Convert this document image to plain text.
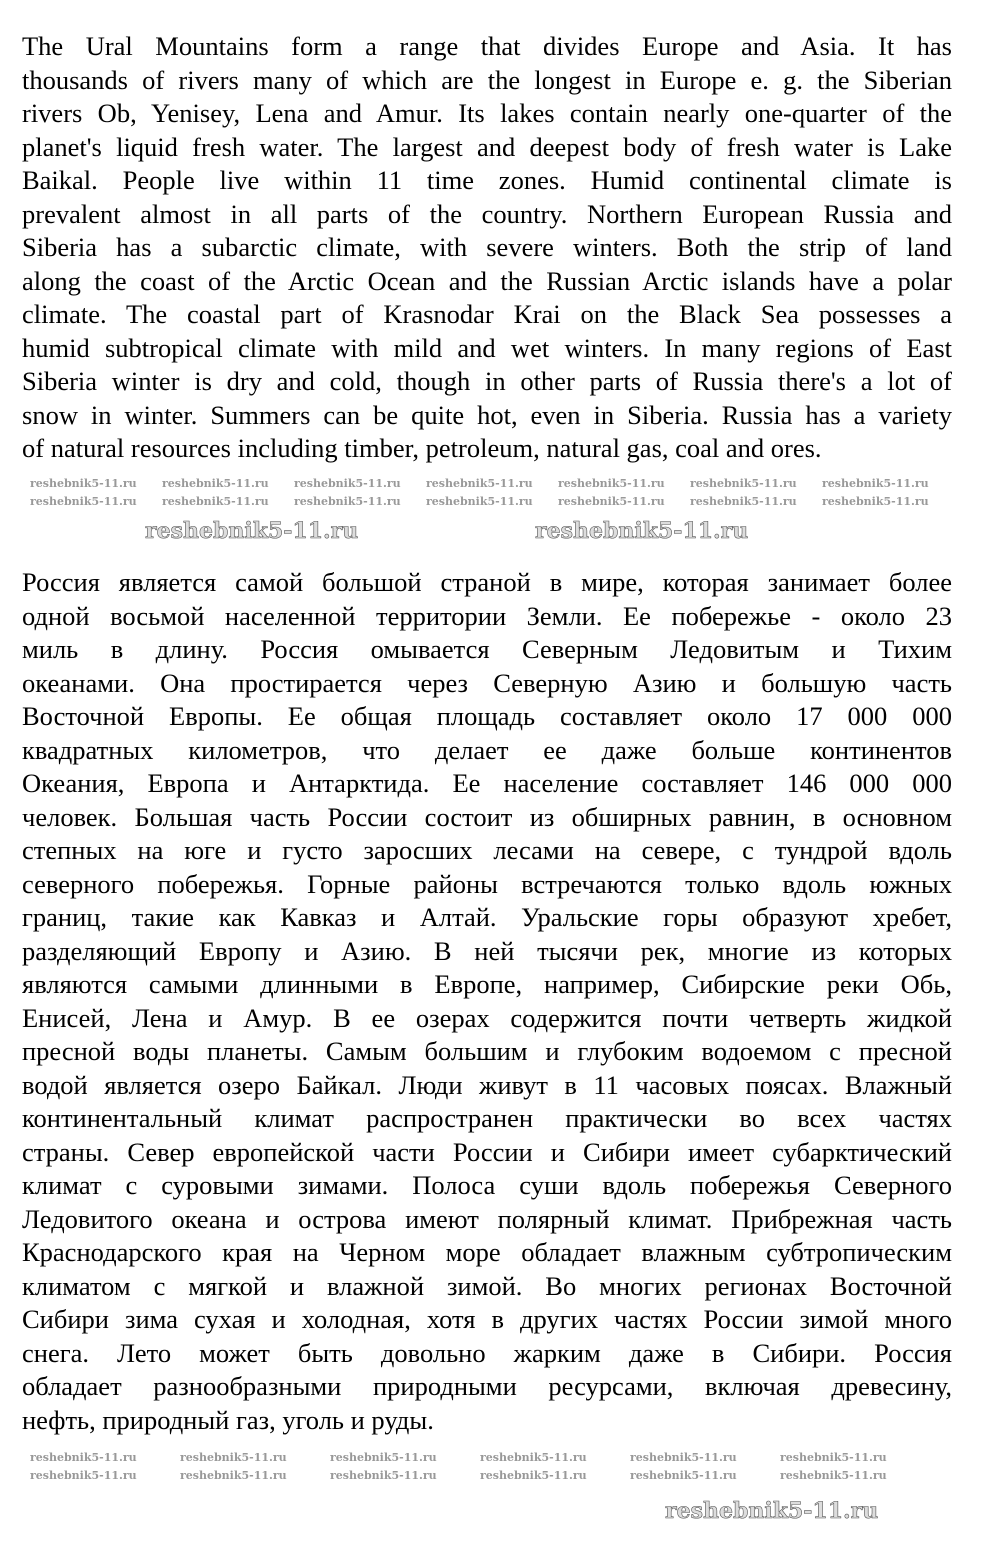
The Ural Mountains form a range that divides Europe and Asia. It has
thousands of rivers many of which are the longest in Europe e. g. the Siberian
rivers Ob, Yenisey, Lena and Amur. Its lakes contain nearly one-quarter of the
planet's liquid fresh water. The largest and deepest body of fresh water is Lake
Baikal. People live within 11 time zones. Humid continental climate is
prevalent almost in all parts of the country. Northern European Russia and
Siberia has a subarctic climate, with severe winters. Both the strip of land
along the coast of the Arctic Ocean and the Russian Arctic islands have a polar
climate. The coastal part of Krasnodar Krai on the Black Sea possesses a
humid subtropical climate with mild and wet winters. In many regions of East
Siberia winter is dry and cold, though in other parts of Russia there's a lot of
snow in winter. Summers can be quite hot, even in Siberia. Russia has a variety
of natural resources including timber, petroleum, natural gas, coal and ores.
Россия является самой большой страной в мире, которая занимает более
одной восьмой населенной территории Земли. Ее побережье - около 23
миль в длину. Россия омывается Северным Ледовитым и Тихим
океанами. Она простирается через Северную Азию и большую часть
Восточной Европы. Ее общая площадь составляет около 17 000 000
квадратных километров, что делает ее даже больше континентов
Океания, Европа и Антарктида. Ее население составляет 146 000 000
человек. Большая часть России состоит из обширных равнин, в основном
степных на юге и густо заросших лесами на севере, с тундрой вдоль
северного побережья. Горные районы встречаются только вдоль южных
границ, такие как Кавказ и Алтай. Уральские горы образуют хребет,
разделяющий Европу и Азию. В ней тысячи рек, многие из которых
являются самыми длинными в Европе, например, Сибирские реки Обь,
Енисей, Лена и Амур. В ее озерах содержится почти четверть жидкой
пресной воды планеты. Самым большим и глубоким водоемом с пресной
водой является озеро Байкал. Люди живут в 11 часовых поясах. Влажный
континентальный климат распространен практически во всех частях
страны. Север европейской части России и Сибири имеет субарктический
климат с суровыми зимами. Полоса суши вдоль побережья Северного
Ледовитого океана и острова имеют полярный климат. Прибрежная часть
Краснодарского края на Черном море обладает влажным субтропическим
климатом с мягкой и влажной зимой. Во многих регионах Восточной
Сибири зима сухая и холодная, хотя в других частях России зимой много
снега. Лето может быть довольно жарким даже в Сибири. Россия
обладает разнообразными природными ресурсами, включая древесину,
нефть, природный газ, уголь и руды.
reshebnik5-11.ru reshebnik5-11.ru reshebnik5-11.ru reshebnik5-11.ru reshebnik5-11.ru reshebnik5-11.ru reshebnik5-11.ru
reshebnik5-11.ru reshebnik5-11.ru reshebnik5-11.ru reshebnik5-11.ru reshebnik5-11.ru reshebnik5-11.ru reshebnik5-11.ru
reshebnik5-11.ru	reshebnik5-11.ru	reshebnik5-11.ru	reshebnik5-11.ru	reshebnik5-11.ru	reshebnik5-11.ru
reshebnik5-11.ru	reshebnik5-11.ru	reshebnik5-11.ru	reshebnik5-11.ru	reshebnik5-11.ru	reshebnik5-11.ru
reshebnik5-11.ru	reshebnik5-11.ru
reshebnik5-11.ru
